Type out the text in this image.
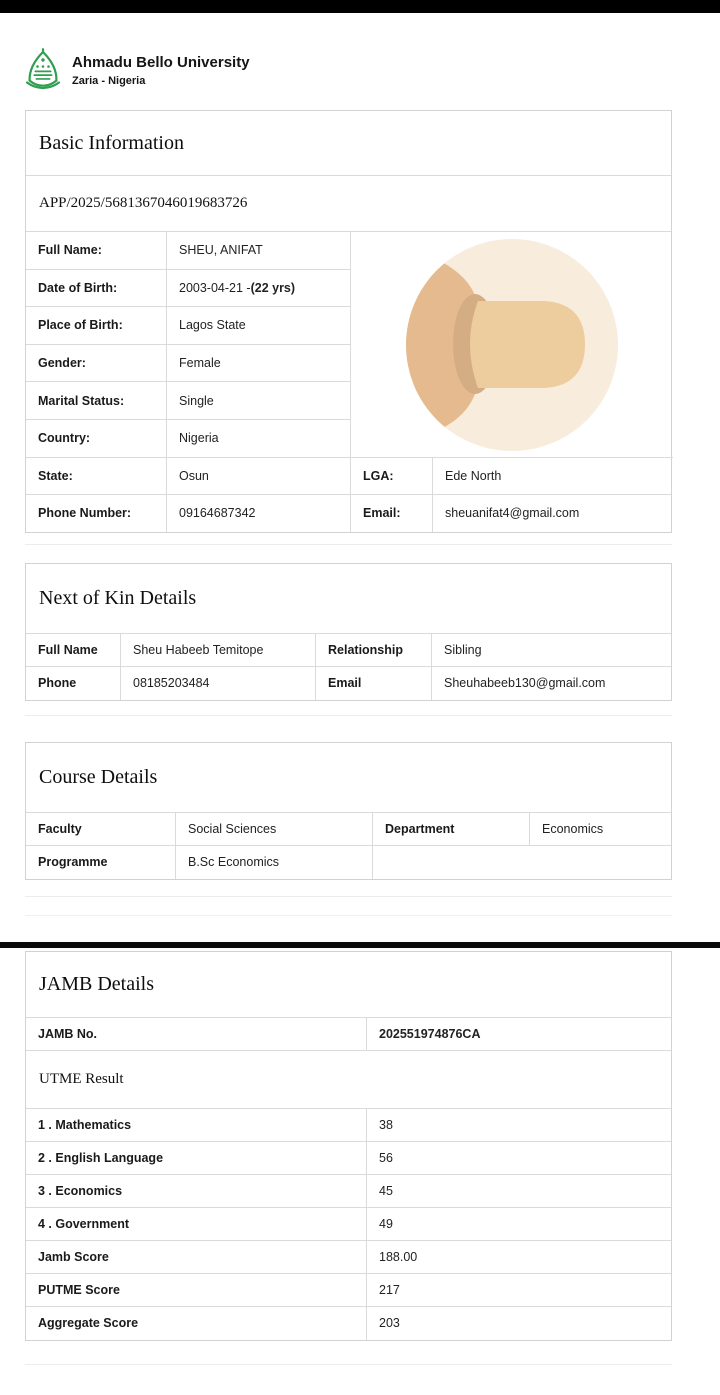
Ahmadu Bello University
Zaria - Nigeria
Basic Information
APP/2025/5681367046019683726
Full Name:	SHEU, ANIFAT
Date of Birth:	2003-04-21 - (22 yrs)
Place of Birth:	Lagos State
Gender:	Female
Marital Status:	Single
Country:	Nigeria
State:	Osun	LGA:	Ede North
Phone Number:	09164687342	Email:	sheuanifat4@gmail.com
Next of Kin Details
Full Name	Sheu Habeeb Temitope	Relationship	Sibling
Phone	08185203484	Email	Sheuhabeeb130@gmail.com
Course Details
Faculty	Social Sciences	Department	Economics
Programme	B.Sc Economics
JAMB Details
JAMB No.	202551974876CA
UTME Result
1 . Mathematics	38
2 . English Language	56
3 . Economics	45
4 . Government	49
Jamb Score	188.00
PUTME Score	217
Aggregate Score	203
